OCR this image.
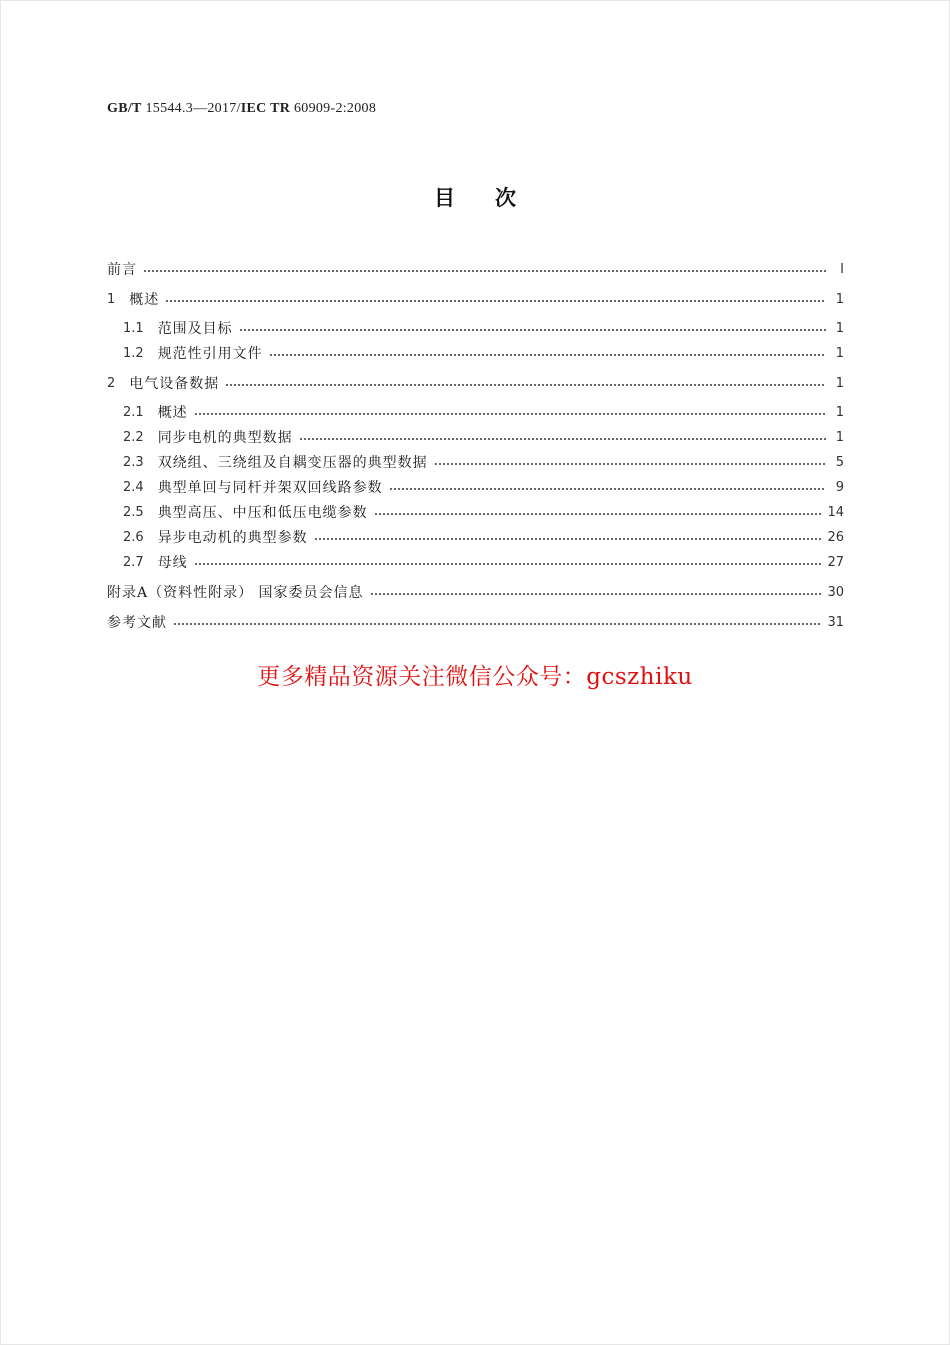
GB/T 15544.3—2017/IEC TR 60909-2:2008
目次
前言	Ⅰ
1 概述	1
1.1 范围及目标	1
1.2 规范性引用文件	1
2 电气设备数据	1
2.1 概述	1
2.2 同步电机的典型数据	1
2.3 双绕组、三绕组及自耦变压器的典型数据	5
2.4 典型单回与同杆并架双回线路参数	9
2.5 典型高压、中压和低压电缆参数	14
2.6 异步电动机的典型参数	26
2.7 母线	27
附录A（资料性附录） 国家委员会信息	30
参考文献	31
更多精品资源关注微信公众号：gcszhiku
